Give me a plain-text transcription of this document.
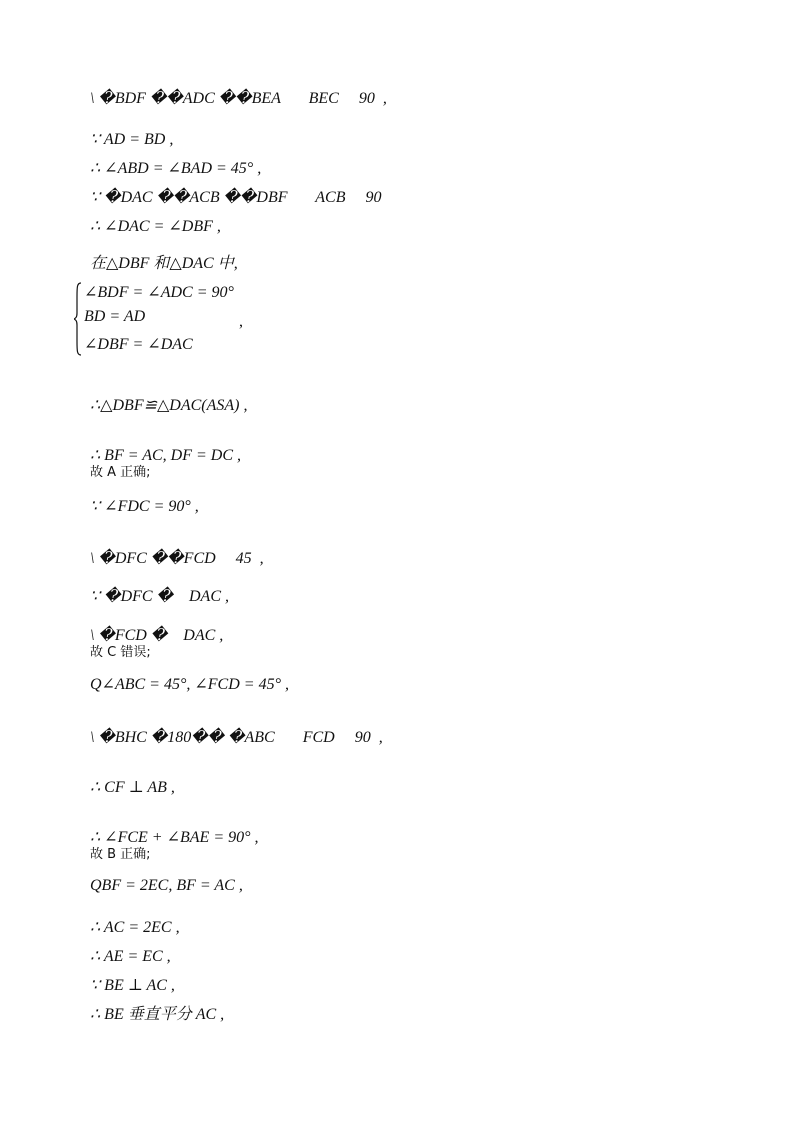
\ �BDF ��ADC ��BEA       BEC     90  ,

∵ AD = BD ,

∴ ∠ABD = ∠BAD = 45° ,

∵ �DAC ��ACB ��DBF       ACB     90

∴ ∠DAC = ∠DBF ,

在△DBF 和△DAC 中,

∠BDF = ∠ADC = 90°
BD = AD
∠DBF = ∠DAC
,

∴△DBF≌△DAC(ASA) ,

∴ BF = AC, DF = DC ,
故 A 正确;

∵ ∠FDC = 90° ,

\ �DFC ��FCD     45  ,

∵ �DFC �    DAC ,

\ �FCD �    DAC ,
故 C 错误;

Q∠ABC = 45°, ∠FCD = 45° ,

\ �BHC �180�� �ABC       FCD     90  ,

∴ CF ⊥ AB ,

∴ ∠FCE + ∠BAE = 90° ,
故 B 正确;

QBF = 2EC, BF = AC ,

∴ AC = 2EC ,

∴ AE = EC ,

∵ BE ⊥ AC ,

∴ BE 垂直平分 AC ,
